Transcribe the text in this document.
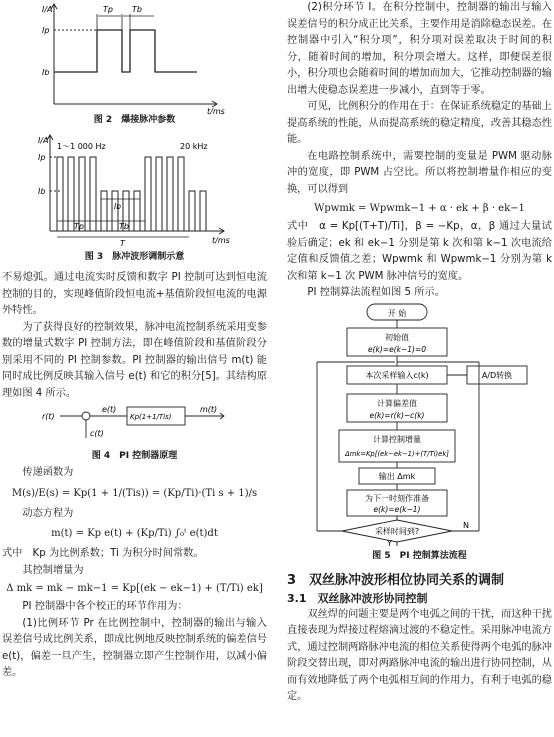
I/A
t/ms
Tp Tb
Ip
Ib
图 2　爆接脉冲参数
I/A
t/ms
1～1 000 Hz	20 kHz
Ip
Ib
Ib
Tp	Tb
T
图 3　脉冲波形调制示意

不易熄弧。通过电流实时反馈和数字 PI 控制可达到恒电流控制的目的，实现峰值阶段恒电流+基值阶段恒电流的电源外特性。

为了获得良好的控制效果，脉冲电流控制系统采用变参数的增量式数字 PI 控制方法，即在峰值阶段和基值阶段分别采用不同的 PI 控制参数。PI 控制器的输出信号 m(t) 能同时成比例反映其输入信号 e(t) 和它的积分[5]。其结构原理如图 4 所示。

r(t)
e(t)
c(t)
m(t)
Kp(1+1/Tis)
图 4　PI 控制器原理

传递函数为

M(s)/E(s) = Kp(1 + 1/(Tis)) = (Kp/Ti)·(Ti s + 1)/s

动态方程为

m(t) = Kp e(t) + (Kp/Ti) ∫₀ᵗ e(t)dt

式中　Kp 为比例系数；Ti 为积分时间常数。

其控制增量为

Δ mk = mk − mk−1 = Kp[(ek − ek−1) + (T/Ti) ek]

PI 控制器中各个校正的环节作用为：

(1)比例环节 Pr 在比例控制中，控制器的输出与输入误差信号成比例关系，即成比例地反映控制系统的偏差信号 e(t)，偏差一旦产生，控制器立即产生控制作用，以减小偏差。

(2)积分环节 I。在积分控制中，控制器的输出与输入误差信号的积分成正比关系，主要作用是消除稳态误差。在控制器中引入“积分项”，积分项对误差取决于时间的积分，随着时间的增加，积分项会增大。这样，即便误差很小，积分项也会随着时间的增加而加大，它推动控制器的输出增大使稳态误差进一步减小，直到等于零。

可见，比例积分的作用在于：在保证系统稳定的基础上提高系统的性能，从而提高系统的稳定精度，改善其稳态性能。

在电路控制系统中，需要控制的变量是 PWM 驱动脉冲的宽度，即 PWM 占空比。所以将控制增量作相应的变换，可以得到

Wpwmk = Wpwmk−1 + α · ek + β · ek−1

式中　α = Kp[(T+T)/Ti]，β = −Kp，α，β 通过大量试验后确定；ek 和 ek−1 分别是第 k 次和第 k−1 次电流给定值和反馈值之差；Wpwmk 和 Wpwmk−1 分别为第 k 次和第 k−1 次 PWM 脉冲信号的宽度。

PI 控制算法流程如图 5 所示。

开 始
初始值
e(k)=e(k−1)=0
本次采样输入c(k)	A/D转换
计算偏差值
e(k)=r(k)−c(k)
计算控制增量
Δmk=Kp[(ek−ek−1)+(T/Ti)ek]
输出 Δmk
为下一时刻作准备
e(k)=e(k−1)
采样时间到?
N
Y
图 5　PI 控制算法流程
3　双丝脉冲波形相位协同关系的调制
3.1　双丝脉冲波形协同控制

双丝焊的问题主要是两个电弧之间的干扰，而这种干扰直接表现为焊接过程熔滴过渡的不稳定性。采用脉冲电流方式，通过控制两路脉冲电流的相位关系使得两个电弧的脉冲阶段交替出现，即对两路脉冲电流的输出进行协同控制，从而有效地降低了两个电弧相互间的作用力，有利于电弧的稳定。
